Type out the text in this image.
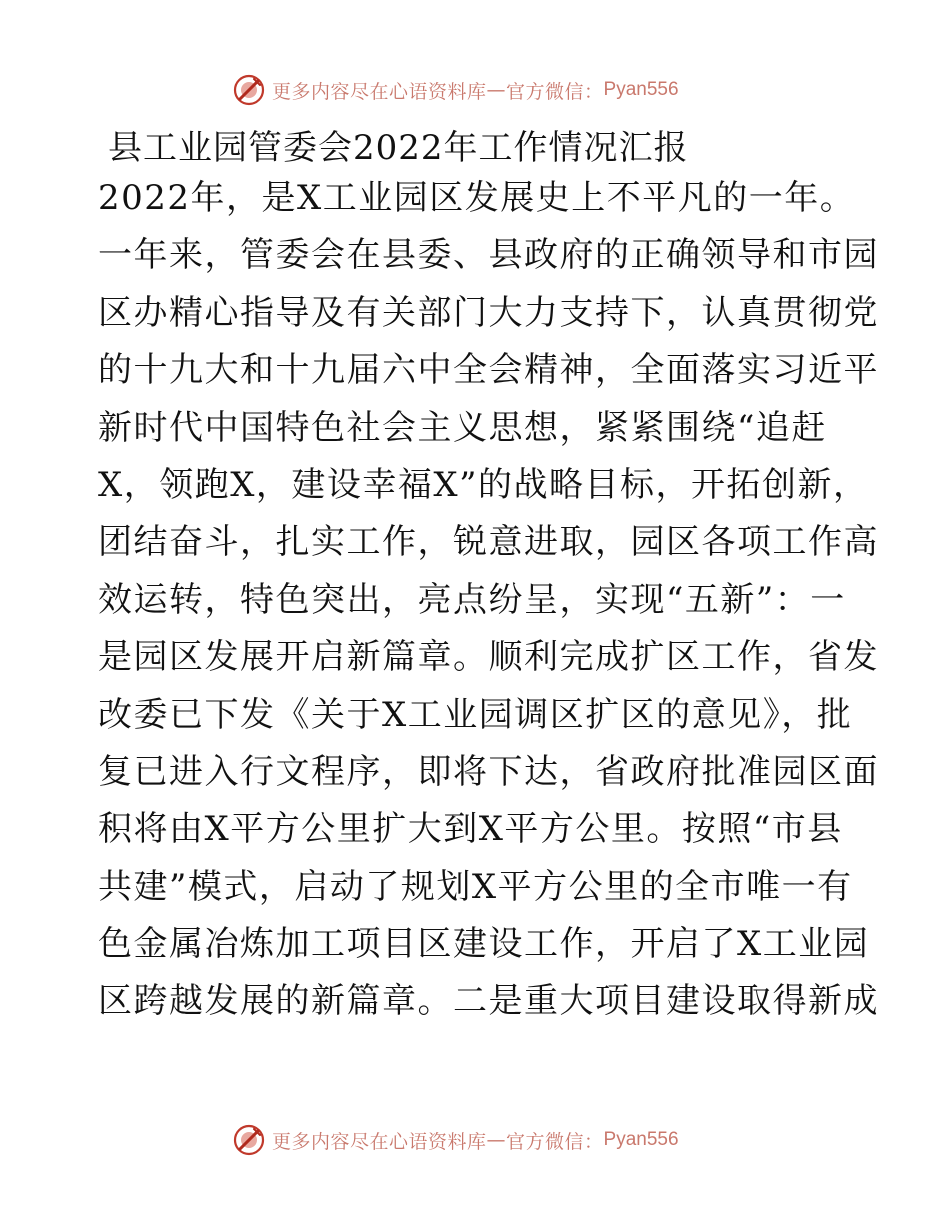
更多内容尽在心语资料库 — 官方微信： Pyan556
县工业园管委会2022年工作情况汇报
2022年，是X工业园区发展史上不平凡的一年。
一年来，管委会在县委、县政府的正确领导和市园
区办精心指导及有关部门大力支持下，认真贯彻党
的十九大和十九届六中全会精神，全面落实习近平
新时代中国特色社会主义思想，紧紧围绕“追赶
X，领跑X，建设幸福X”的战略目标，开拓创新，
团结奋斗，扎实工作，锐意进取，园区各项工作高
效运转，特色突出，亮点纷呈，实现“五新”：一
是园区发展开启新篇章。顺利完成扩区工作，省发
改委已下发《关于X工业园调区扩区的意见》，批
复已进入行文程序，即将下达，省政府批准园区面
积将由X平方公里扩大到X平方公里。按照“市县
共建”模式，启动了规划X平方公里的全市唯一有
色金属冶炼加工项目区建设工作，开启了X工业园
区跨越发展的新篇章。二是重大项目建设取得新成
更多内容尽在心语资料库 — 官方微信： Pyan556
